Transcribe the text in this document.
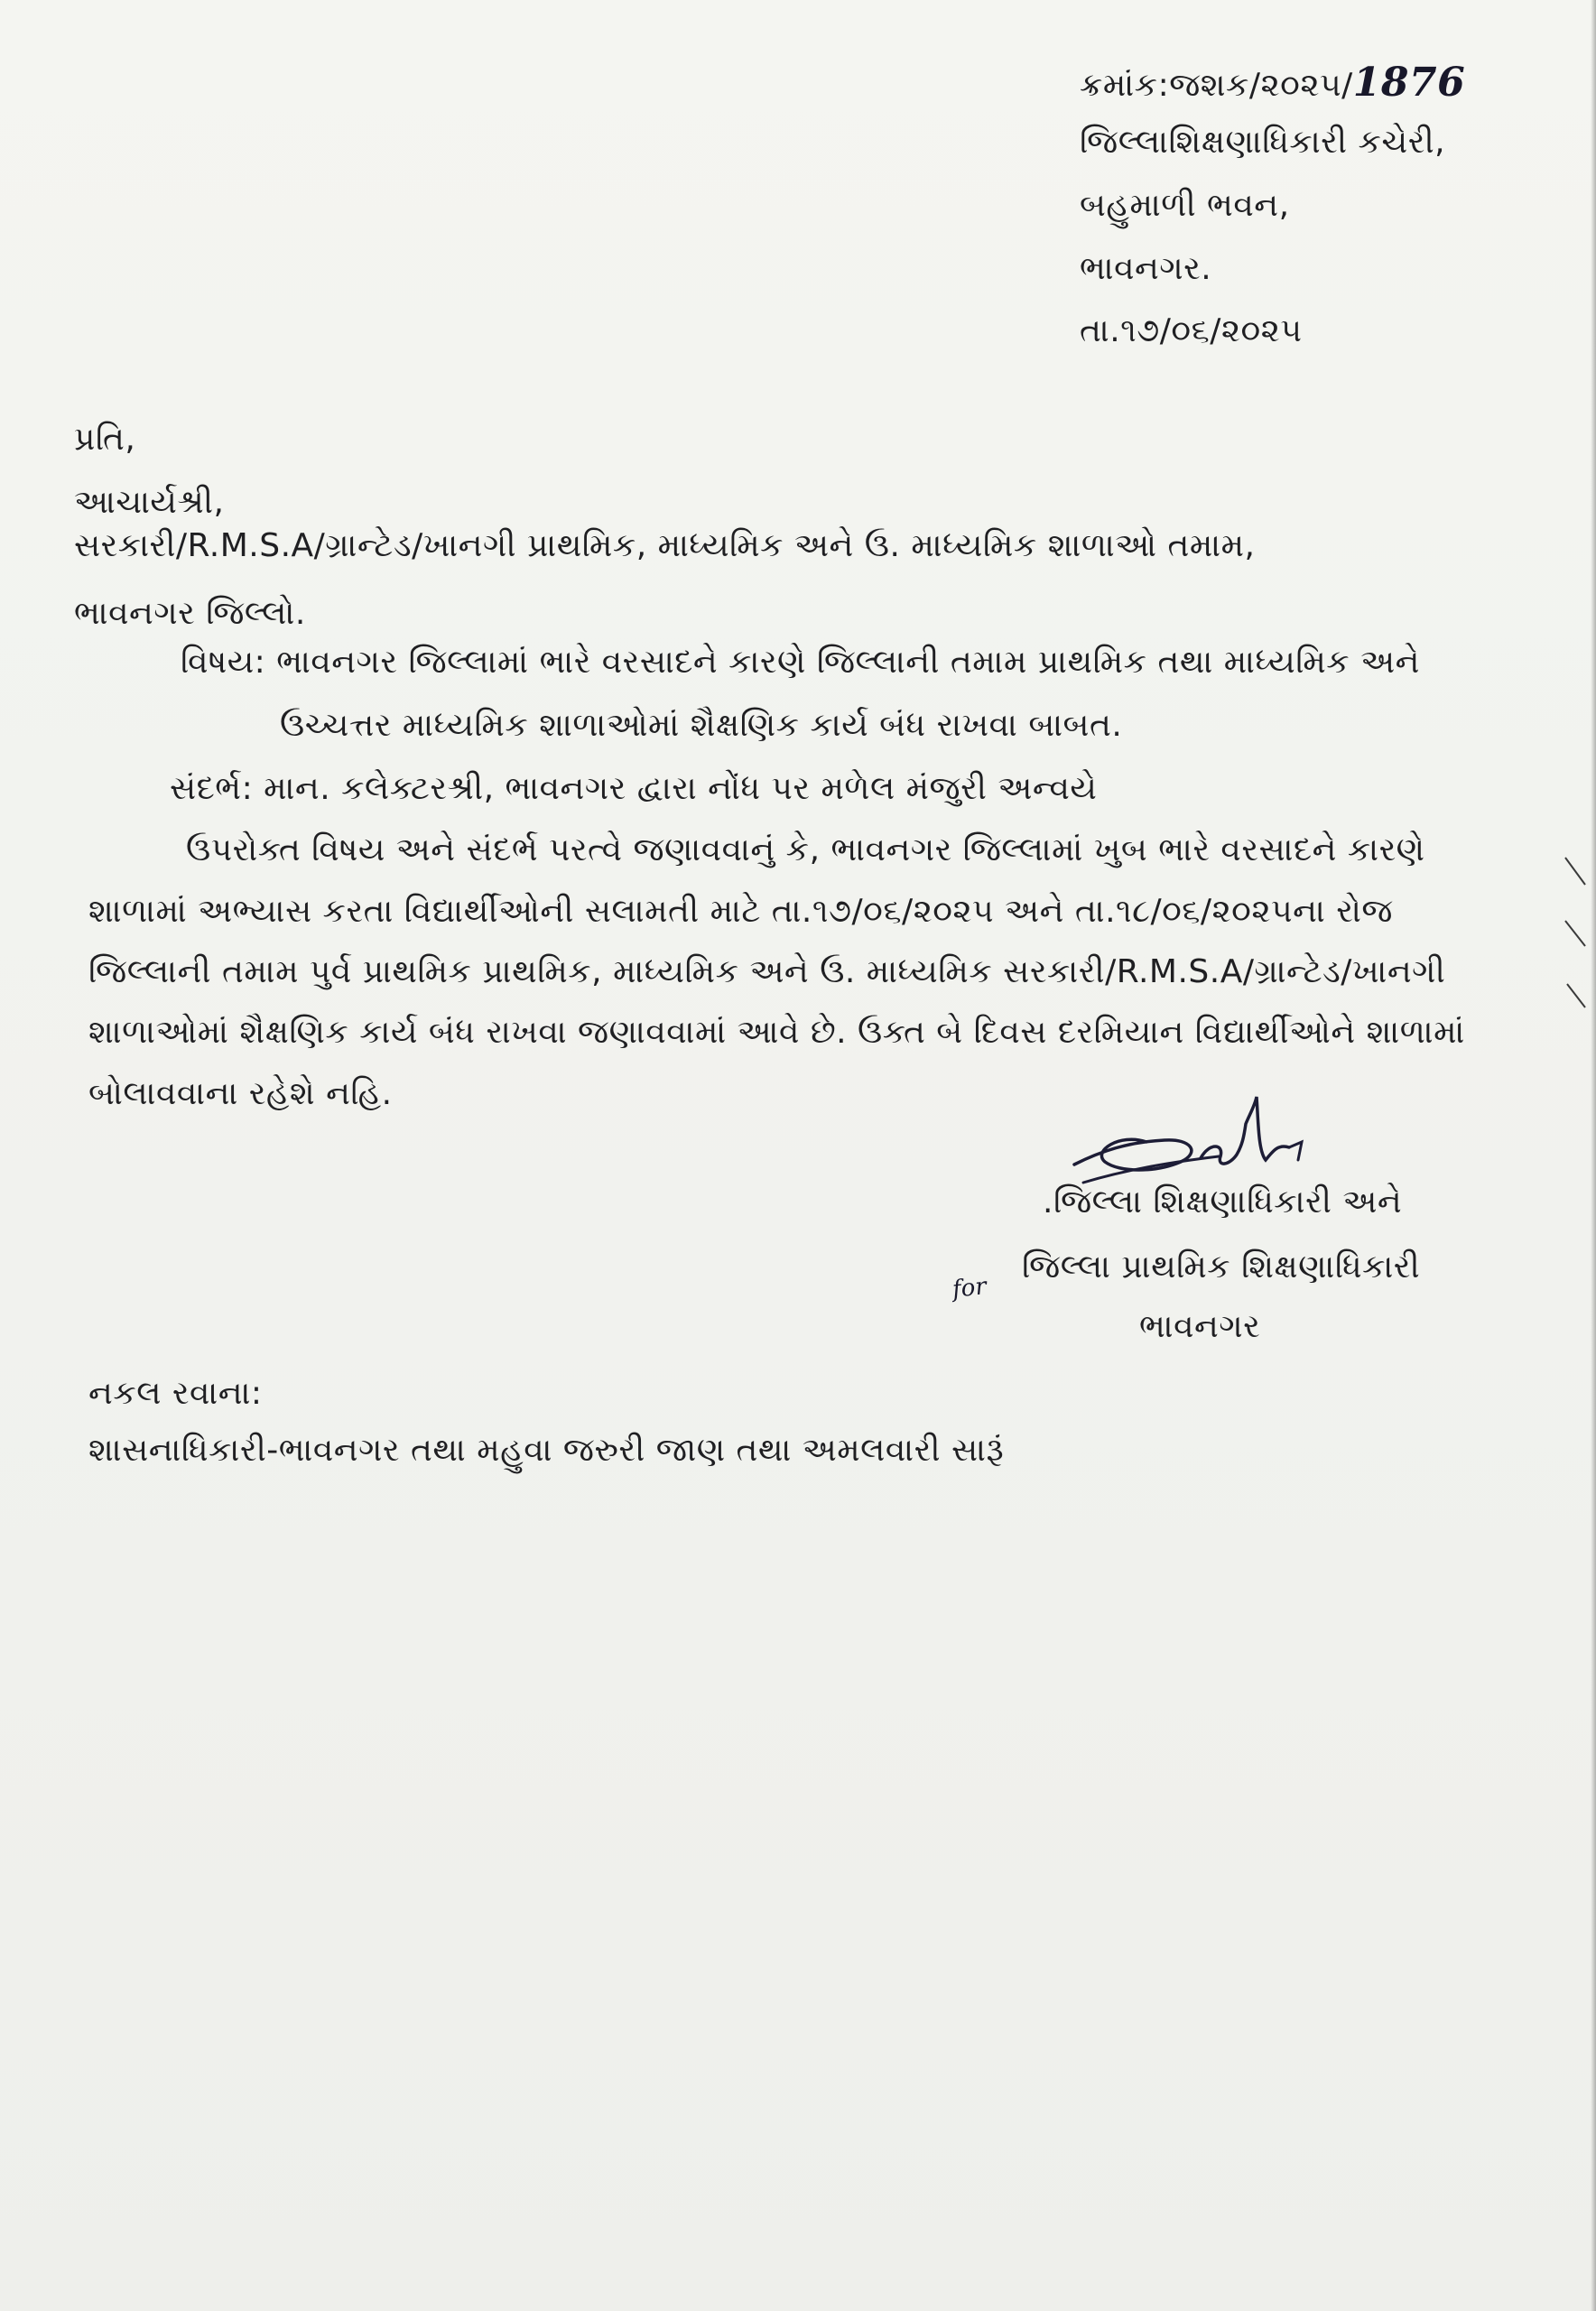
ક્રમાંક:જશક/૨૦૨૫/1876
જિલ્લાશિક્ષણાધિકારી કચેરી,
બહુમાળી ભવન,
ભાવનગર.
તા.૧૭/૦૬/૨૦૨૫
પ્રતિ,
આચાર્યશ્રી,
સરકારી/R.M.S.A/ગ્રાન્ટેડ/ખાનગી પ્રાથમિક, માધ્યમિક અને ઉ. માધ્યમિક શાળાઓ તમામ,
ભાવનગર જિલ્લો.
વિષય: ભાવનગર જિલ્લામાં ભારે વરસાદને કારણે જિલ્લાની તમામ પ્રાથમિક તથા માધ્યમિક અને
ઉચ્ચત્તર માધ્યમિક શાળાઓમાં શૈક્ષણિક કાર્ય બંધ રાખવા બાબત.
સંદર્ભ: માન. કલેક્ટરશ્રી, ભાવનગર દ્વારા નોંધ પર મળેલ મંજુરી અન્વયે
ઉપરોક્ત વિષય અને સંદર્ભ પરત્વે જણાવવાનું કે, ભાવનગર જિલ્લામાં ખુબ ભારે વરસાદને કારણે
શાળામાં અભ્યાસ કરતા વિદ્યાર્થીઓની સલામતી માટે તા.૧૭/૦૬/૨૦૨૫ અને તા.૧૮/૦૬/૨૦૨૫ના રોજ
જિલ્લાની તમામ પુર્વ પ્રાથમિક પ્રાથમિક, માધ્યમિક અને ઉ. માધ્યમિક સરકારી/R.M.S.A/ગ્રાન્ટેડ/ખાનગી
શાળાઓમાં શૈક્ષણિક કાર્ય બંધ રાખવા જણાવવામાં આવે છે. ઉક્ત બે દિવસ દરમિયાન વિદ્યાર્થીઓને શાળામાં
બોલાવવાના રહેશે નહિ.
.જિલ્લા શિક્ષણાધિકારી અને
for
જિલ્લા પ્રાથમિક શિક્ષણાધિકારી
ભાવનગર
નકલ રવાના:
શાસનાધિકારી-ભાવનગર તથા મહુવા જરુરી જાણ તથા અમલવારી સારૂં
